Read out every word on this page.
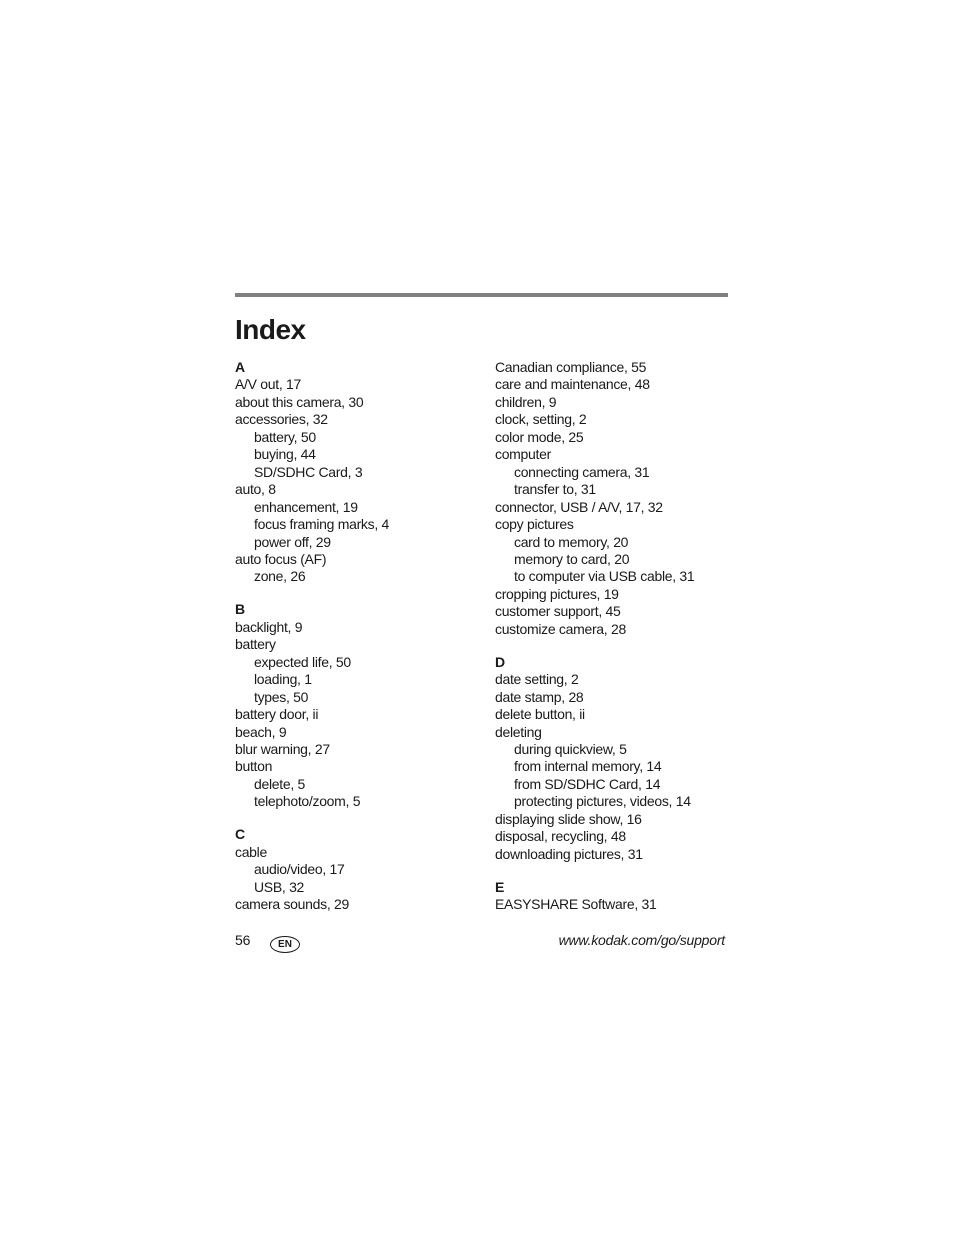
Index
A
A/V out, 17
about this camera, 30
accessories, 32
battery, 50
buying, 44
SD/SDHC Card, 3
auto, 8
enhancement, 19
focus framing marks, 4
power off, 29
auto focus (AF)
zone, 26
B
backlight, 9
battery
expected life, 50
loading, 1
types, 50
battery door, ii
beach, 9
blur warning, 27
button
delete, 5
telephoto/zoom, 5
C
cable
audio/video, 17
USB, 32
camera sounds, 29
Canadian compliance, 55
care and maintenance, 48
children, 9
clock, setting, 2
color mode, 25
computer
connecting camera, 31
transfer to, 31
connector, USB / A/V, 17, 32
copy pictures
card to memory, 20
memory to card, 20
to computer via USB cable, 31
cropping pictures, 19
customer support, 45
customize camera, 28
D
date setting, 2
date stamp, 28
delete button, ii
deleting
during quickview, 5
from internal memory, 14
from SD/SDHC Card, 14
protecting pictures, videos, 14
displaying slide show, 16
disposal, recycling, 48
downloading pictures, 31
E
EASYSHARE Software, 31
56	EN	www.kodak.com/go/support
